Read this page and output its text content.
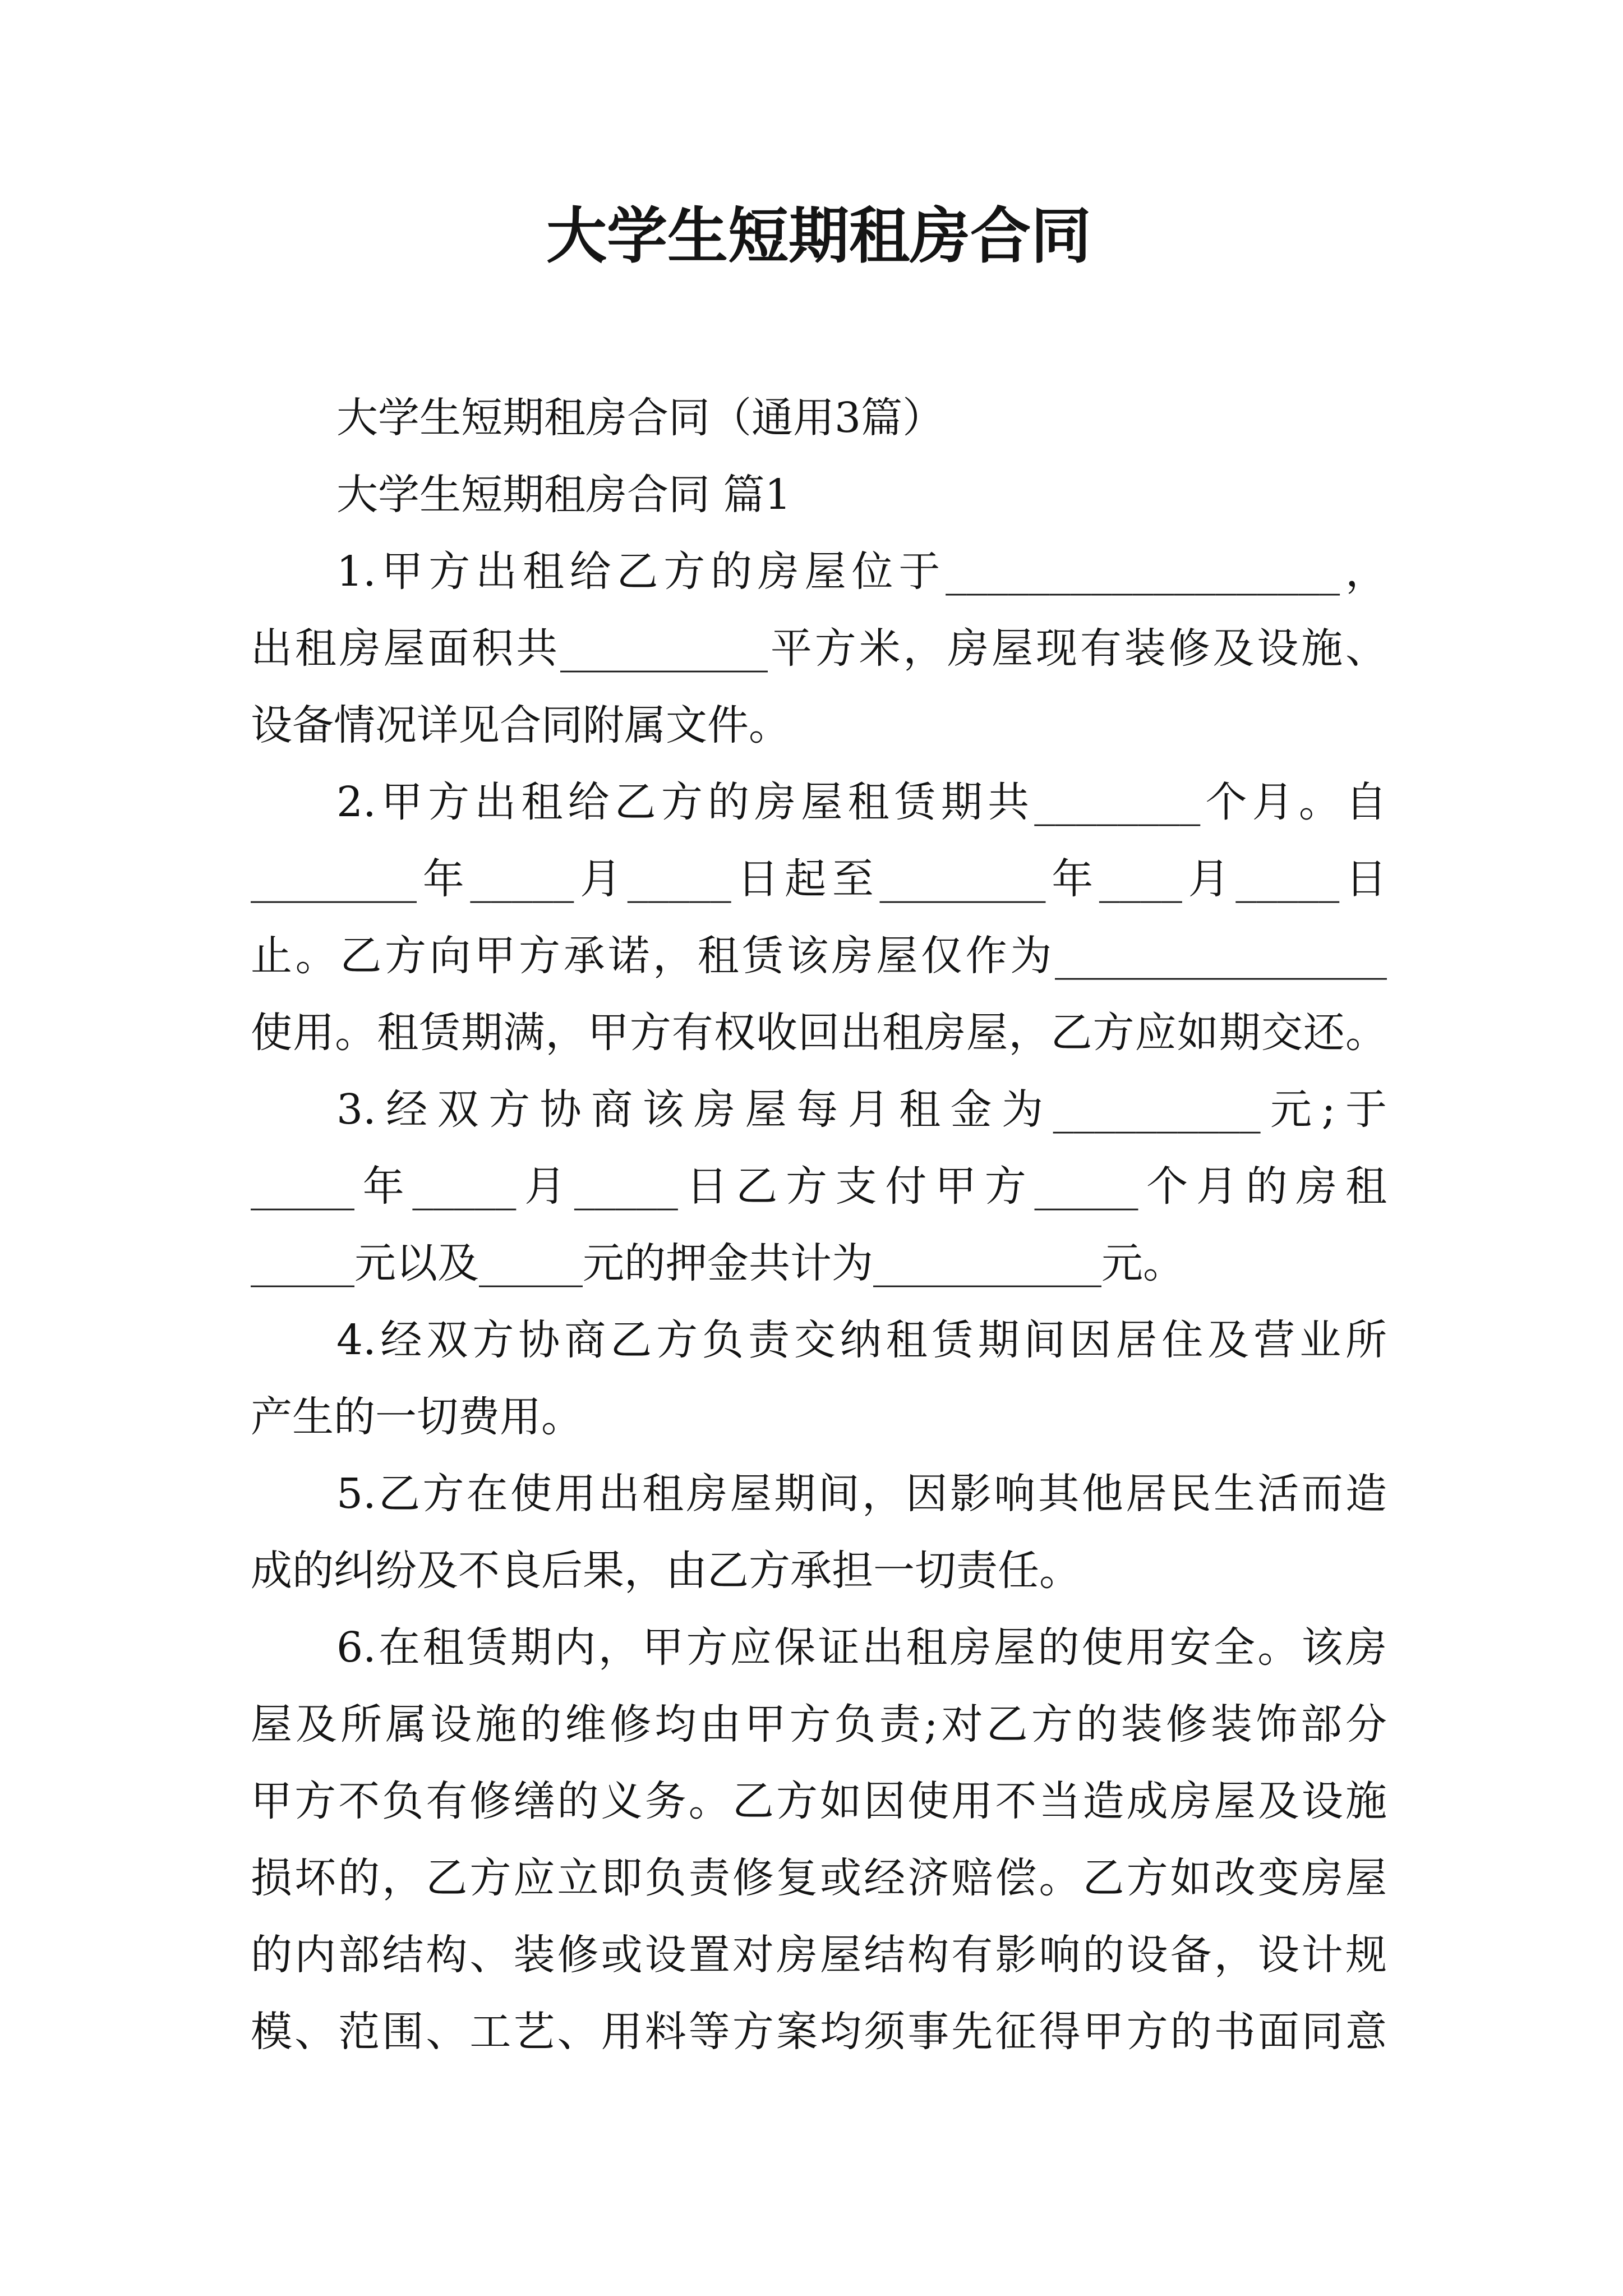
大学生短期租房合同
大学生短期租房合同（通用3篇）
大学生短期租房合同 篇1
1.甲方出租给乙方的房屋位于___________________，
出租房屋面积共__________平方米，房屋现有装修及设施、
设备情况详见合同附属文件。
2.甲方出租给乙方的房屋租赁期共________个月。自
________年_____月_____日起至________年____月_____日
止。乙方向甲方承诺，租赁该房屋仅作为________________
使用。租赁期满，甲方有权收回出租房屋，乙方应如期交还。
3.经双方协商该房屋每月租金为__________元;于
_____年_____月_____日乙方支付甲方_____个月的房租
_____元以及_____元的押金共计为___________元。
4.经双方协商乙方负责交纳租赁期间因居住及营业所
产生的一切费用。
5.乙方在使用出租房屋期间，因影响其他居民生活而造
成的纠纷及不良后果，由乙方承担一切责任。
6.在租赁期内，甲方应保证出租房屋的使用安全。该房
屋及所属设施的维修均由甲方负责;对乙方的装修装饰部分
甲方不负有修缮的义务。乙方如因使用不当造成房屋及设施
损坏的，乙方应立即负责修复或经济赔偿。乙方如改变房屋
的内部结构、装修或设置对房屋结构有影响的设备，设计规
模、范围、工艺、用料等方案均须事先征得甲方的书面同意
